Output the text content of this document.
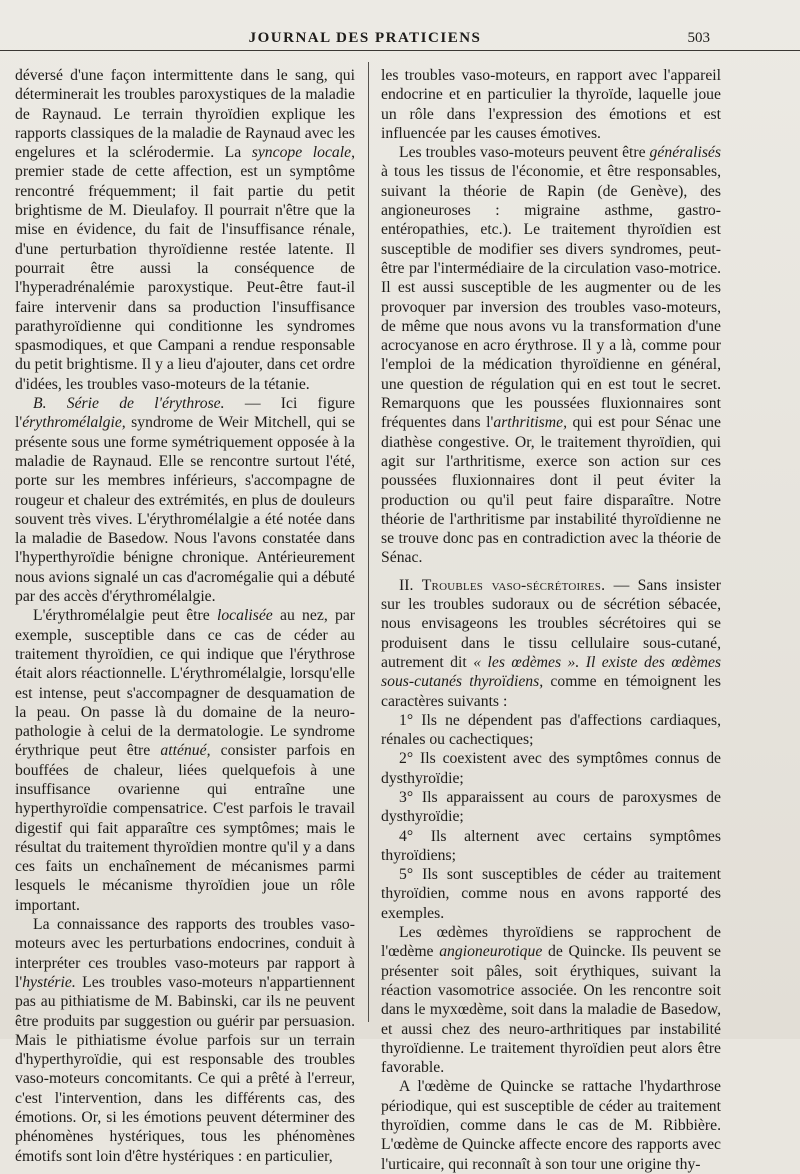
JOURNAL DES PRATICIENS	503

déversé d'une façon intermittente dans le sang, qui déterminerait les troubles paroxystiques de la maladie de Raynaud. Le terrain thyroïdien explique les rapports classiques de la maladie de Raynaud avec les engelures et la sclérodermie. La syncope locale, premier stade de cette affection, est un symptôme rencontré fréquemment; il fait partie du petit brightisme de M. Dieulafoy. Il pourrait n'être que la mise en évidence, du fait de l'insuffisance rénale, d'une perturbation thyroïdienne restée latente. Il pourrait être aussi la conséquence de l'hyperadrénalémie paroxystique. Peut-être faut-il faire intervenir dans sa production l'insuffisance parathyroïdienne qui conditionne les syndromes spasmodiques, et que Campani a rendue responsable du petit brightisme. Il y a lieu d'ajouter, dans cet ordre d'idées, les troubles vaso-moteurs de la tétanie.

B. Série de l'érythrose. — Ici figure l'érythromélalgie, syndrome de Weir Mitchell, qui se présente sous une forme symétriquement opposée à la maladie de Raynaud. Elle se rencontre surtout l'été, porte sur les membres inférieurs, s'accompagne de rougeur et chaleur des extrémités, en plus de douleurs souvent très vives. L'érythromélalgie a été notée dans la maladie de Basedow. Nous l'avons constatée dans l'hyperthyroïdie bénigne chronique. Antérieurement nous avions signalé un cas d'acromégalie qui a débuté par des accès d'érythromélalgie.

L'érythromélalgie peut être localisée au nez, par exemple, susceptible dans ce cas de céder au traitement thyroïdien, ce qui indique que l'érythrose était alors réactionnelle. L'érythromélalgie, lorsqu'elle est intense, peut s'accompagner de desquamation de la peau. On passe là du domaine de la neuro-pathologie à celui de la dermatologie. Le syndrome érythrique peut être atténué, consister parfois en bouffées de chaleur, liées quelquefois à une insuffisance ovarienne qui entraîne une hyperthyroïdie compensatrice. C'est parfois le travail digestif qui fait apparaître ces symptômes; mais le résultat du traitement thyroïdien montre qu'il y a dans ces faits un enchaînement de mécanismes parmi lesquels le mécanisme thyroïdien joue un rôle important.

La connaissance des rapports des troubles vaso-moteurs avec les perturbations endocrines, conduit à interpréter ces troubles vaso-moteurs par rapport à l'hystérie. Les troubles vaso-moteurs n'appartiennent pas au pithiatisme de M. Babinski, car ils ne peuvent être produits par suggestion ou guérir par persuasion. Mais le pithiatisme évolue parfois sur un terrain d'hyperthyroïdie, qui est responsable des troubles vaso-moteurs concomitants. Ce qui a prêté à l'erreur, c'est l'intervention, dans les différents cas, des émotions. Or, si les émotions peuvent déterminer des phénomènes hystériques, tous les phénomènes émotifs sont loin d'être hystériques : en particulier,

les troubles vaso-moteurs, en rapport avec l'appareil endocrine et en particulier la thyroïde, laquelle joue un rôle dans l'expression des émotions et est influencée par les causes émotives.

Les troubles vaso-moteurs peuvent être généralisés à tous les tissus de l'économie, et être responsables, suivant la théorie de Rapin (de Genève), des angioneuroses : migraine asthme, gastro-entéropathies, etc.). Le traitement thyroïdien est susceptible de modifier ses divers syndromes, peut-être par l'intermédiaire de la circulation vaso-motrice. Il est aussi susceptible de les augmenter ou de les provoquer par inversion des troubles vaso-moteurs, de même que nous avons vu la transformation d'une acrocyanose en acro érythrose. Il y a là, comme pour l'emploi de la médication thyroïdienne en général, une question de régulation qui en est tout le secret. Remarquons que les poussées fluxionnaires sont fréquentes dans l'arthritisme, qui est pour Sénac une diathèse congestive. Or, le traitement thyroïdien, qui agit sur l'arthritisme, exerce son action sur ces poussées fluxionnaires dont il peut éviter la production ou qu'il peut faire disparaître. Notre théorie de l'arthritisme par instabilité thyroïdienne ne se trouve donc pas en contradiction avec la théorie de Sénac.

II. Troubles vaso-sécrétoires. — Sans insister sur les troubles sudoraux ou de sécrétion sébacée, nous envisageons les troubles sécrétoires qui se produisent dans le tissu cellulaire sous-cutané, autrement dit « les œdèmes ». Il existe des œdèmes sous-cutanés thyroïdiens, comme en témoignent les caractères suivants :

1° Ils ne dépendent pas d'affections cardiaques, rénales ou cachectiques;

2° Ils coexistent avec des symptômes connus de dysthyroïdie;

3° Ils apparaissent au cours de paroxysmes de dysthyroïdie;

4° Ils alternent avec certains symptômes thyroïdiens;

5° Ils sont susceptibles de céder au traitement thyroïdien, comme nous en avons rapporté des exemples.

Les œdèmes thyroïdiens se rapprochent de l'œdème angioneurotique de Quincke. Ils peuvent se présenter soit pâles, soit érythiques, suivant la réaction vasomotrice associée. On les rencontre soit dans le myxœdème, soit dans la maladie de Basedow, et aussi chez des neuro-arthritiques par instabilité thyroïdienne. Le traitement thyroïdien peut alors être favorable.

A l'œdème de Quincke se rattache l'hydarthrose périodique, qui est susceptible de céder au traitement thyroïdien, comme dans le cas de M. Ribbière. L'œdème de Quincke affecte encore des rapports avec l'urticaire, qui reconnaît à son tour une origine thy-
